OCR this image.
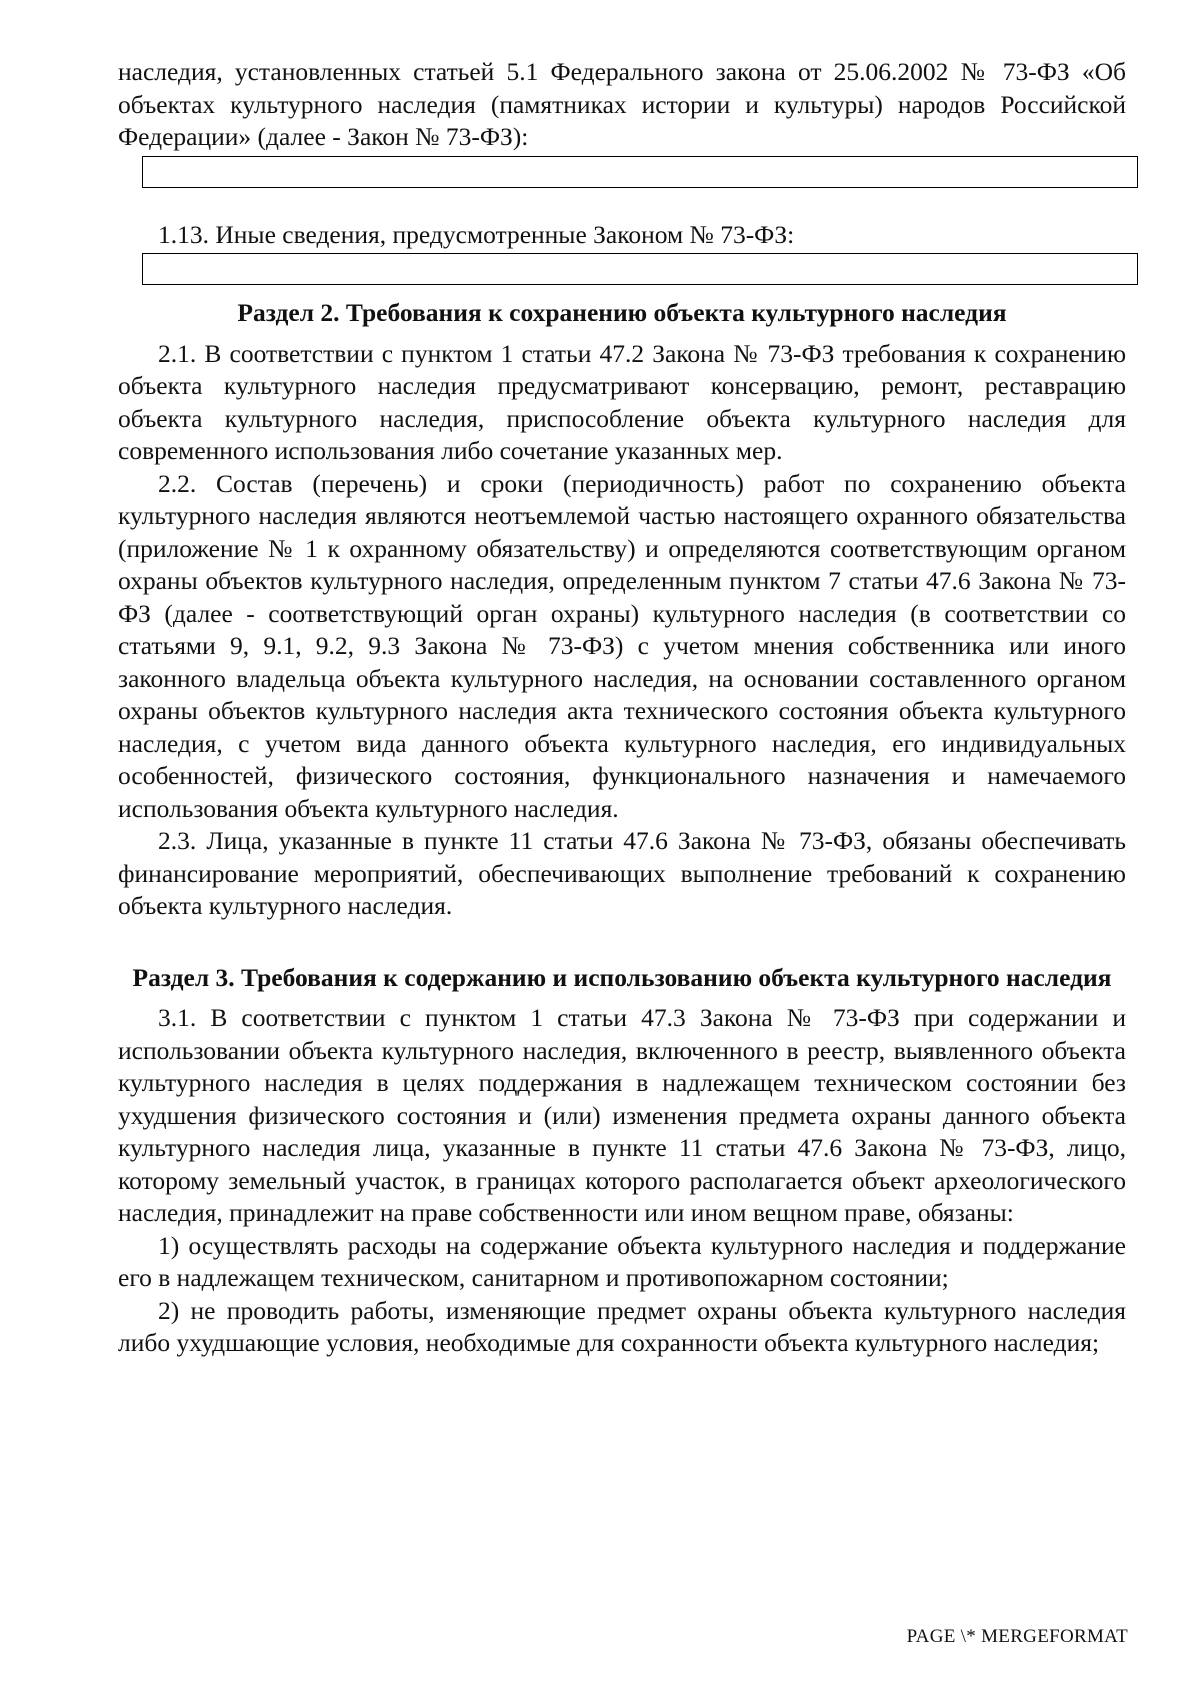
наследия, установленных статьей 5.1 Федерального закона от 25.06.2002 № 73-ФЗ «Об объектах культурного наследия (памятниках истории и культуры) народов Российской Федерации» (далее - Закон № 73-ФЗ):

1.13. Иные сведения, предусмотренные Законом № 73-ФЗ:

Раздел 2. Требования к сохранению объекта культурного наследия

2.1. В соответствии с пунктом 1 статьи 47.2 Закона № 73-ФЗ требования к сохранению объекта культурного наследия предусматривают консервацию, ремонт, реставрацию объекта культурного наследия, приспособление объекта культурного наследия для современного использования либо сочетание указанных мер.

2.2. Состав (перечень) и сроки (периодичность) работ по сохранению объекта культурного наследия являются неотъемлемой частью настоящего охранного обязательства (приложение № 1 к охранному обязательству) и определяются соответствующим органом охраны объектов культурного наследия, определенным пунктом 7 статьи 47.6 Закона № 73-ФЗ (далее - соответствующий орган охраны) культурного наследия (в соответствии со статьями 9, 9.1, 9.2, 9.3 Закона № 73-ФЗ) с учетом мнения собственника или иного законного владельца объекта культурного наследия, на основании составленного органом охраны объектов культурного наследия акта технического состояния объекта культурного наследия, с учетом вида данного объекта культурного наследия, его индивидуальных особенностей, физического состояния, функционального назначения и намечаемого использования объекта культурного наследия.

2.3. Лица, указанные в пункте 11 статьи 47.6 Закона № 73-ФЗ, обязаны обеспечивать финансирование мероприятий, обеспечивающих выполнение требований к сохранению объекта культурного наследия.

Раздел 3. Требования к содержанию и использованию объекта культурного наследия

3.1. В соответствии с пунктом 1 статьи 47.3 Закона № 73-ФЗ при содержании и использовании объекта культурного наследия, включенного в реестр, выявленного объекта культурного наследия в целях поддержания в надлежащем техническом состоянии без ухудшения физического состояния и (или) изменения предмета охраны данного объекта культурного наследия лица, указанные в пункте 11 статьи 47.6 Закона № 73-ФЗ, лицо, которому земельный участок, в границах которого располагается объект археологического наследия, принадлежит на праве собственности или ином вещном праве, обязаны:

1) осуществлять расходы на содержание объекта культурного наследия и поддержание его в надлежащем техническом, санитарном и противопожарном состоянии;

2) не проводить работы, изменяющие предмет охраны объекта культурного наследия либо ухудшающие условия, необходимые для сохранности объекта культурного наследия;

PAGE \* MERGEFORMAT
